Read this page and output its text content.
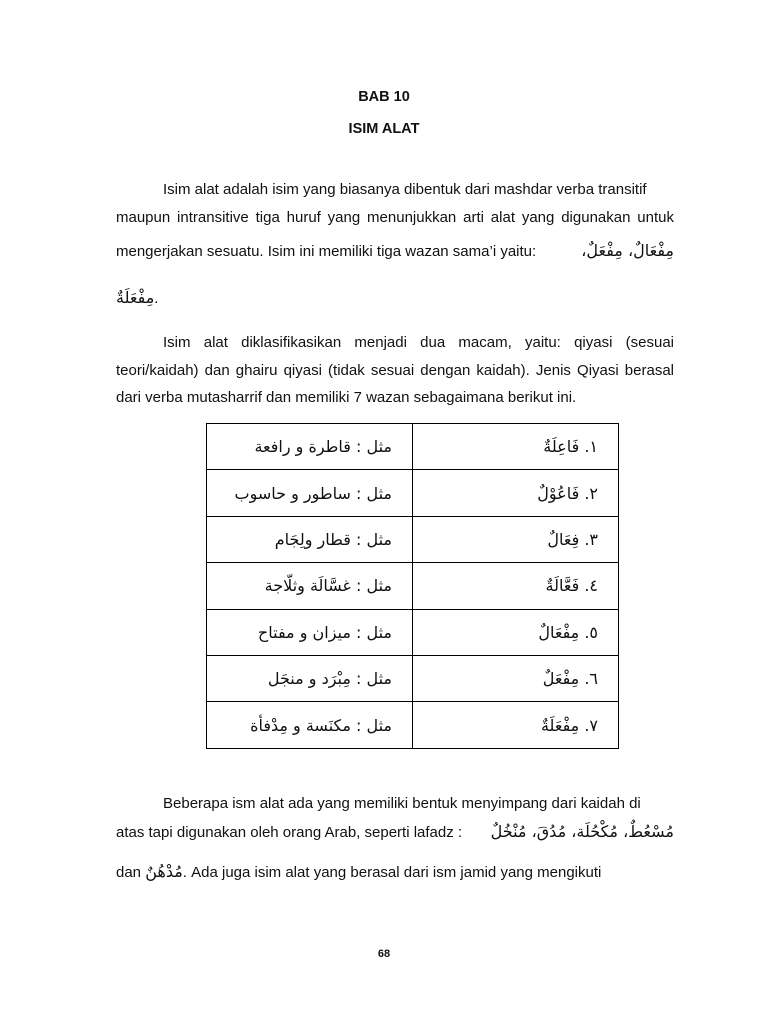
BAB 10
ISIM ALAT
Isim alat adalah isim yang biasanya dibentuk dari mashdar verba transitif
maupun intransitive tiga huruf yang menunjukkan arti alat yang digunakan untuk
mengerjakan sesuatu. Isim ini memiliki tiga wazan sama’i yaitu:	مِفْعَالٌ، مِفْعَلٌ،
مِفْعَلَةٌ.
Isim alat diklasifikasikan menjadi dua macam, yaitu: qiyasi (sesuai
teori/kaidah) dan ghairu qiyasi (tidak sesuai dengan kaidah). Jenis Qiyasi berasal
dari verba mutasharrif dan memiliki 7 wazan sebagaimana berikut ini.
١. فَاعِلَةٌ	مثل : قاطرة و رافعة
٢. فَاعُوْلٌ	مثل : ساطور و حاسوب
٣. فِعَالٌ	مثل : قطار ولِجَام
٤. فَعَّالَةٌ	مثل : غسَّالَة وثلّاجة
٥. مِفْعَالٌ	مثل : ميزان و مفتاح
٦. مِفْعَلٌ	مثل : مِبْرَد و منجَل
٧. مِفْعَلَةٌ	مثل : مكنَسة و مِدْفأة
Beberapa ism alat ada yang memiliki bentuk menyimpang dari kaidah di
atas tapi digunakan oleh orang Arab, seperti lafadz : مُسْعُطٌ، مُكْحُلَة، مُدُقَ، مُنْخُلٌ
dan مُدْهُنٌ. Ada juga isim alat yang berasal dari ism jamid yang mengikuti
68
